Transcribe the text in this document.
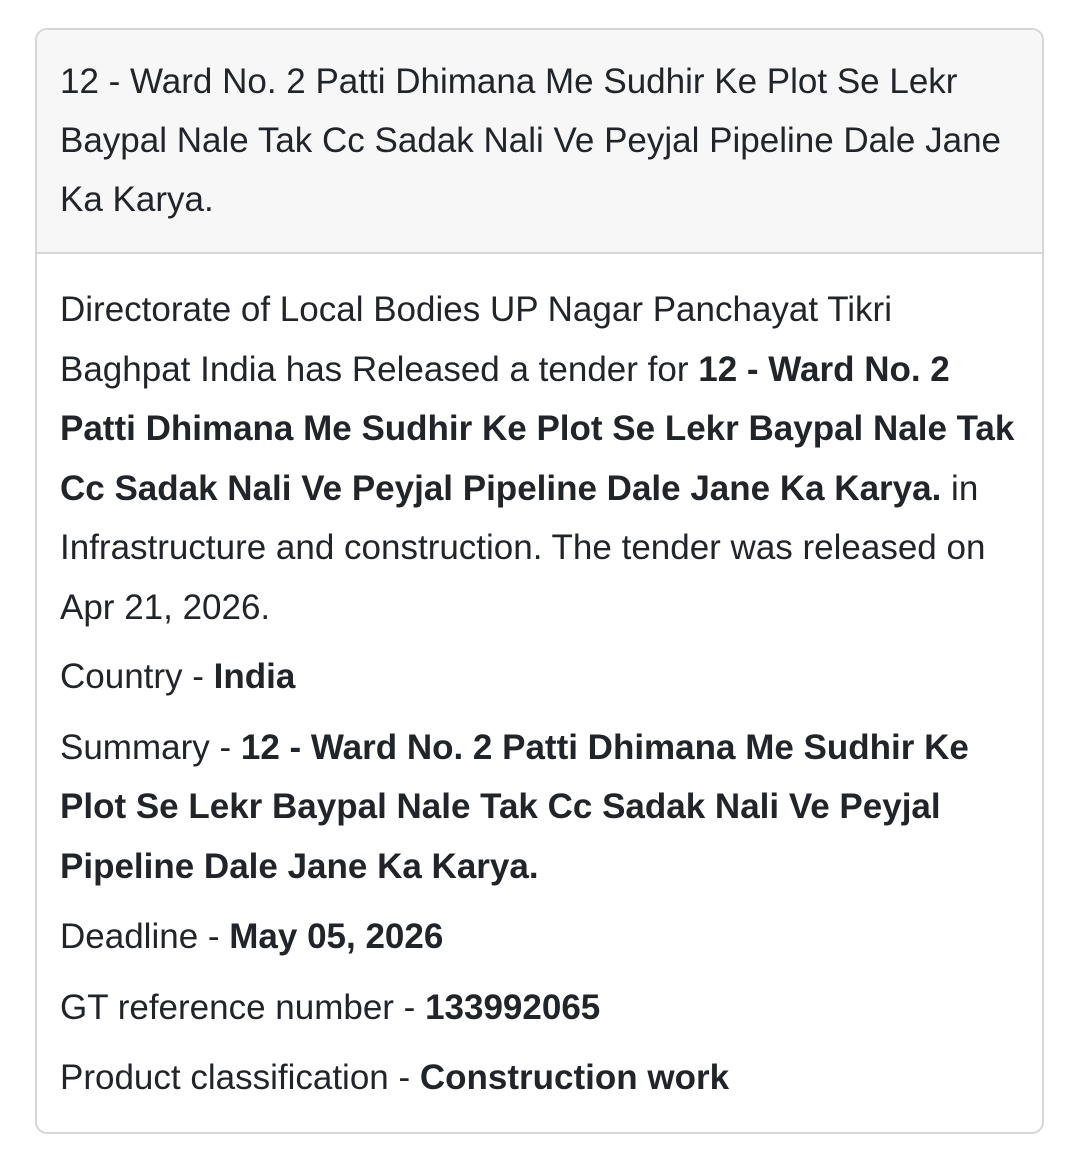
12 - Ward No. 2 Patti Dhimana Me Sudhir Ke Plot Se Lekr Baypal Nale Tak Cc Sadak Nali Ve Peyjal Pipeline Dale Jane Ka Karya.

Directorate of Local Bodies UP Nagar Panchayat Tikri Baghpat India has Released a tender for 12 - Ward No. 2 Patti Dhimana Me Sudhir Ke Plot Se Lekr Baypal Nale Tak Cc Sadak Nali Ve Peyjal Pipeline Dale Jane Ka Karya. in Infrastructure and construction. The tender was released on Apr 21, 2026.

Country - India

Summary - 12 - Ward No. 2 Patti Dhimana Me Sudhir Ke Plot Se Lekr Baypal Nale Tak Cc Sadak Nali Ve Peyjal Pipeline Dale Jane Ka Karya.

Deadline - May 05, 2026

GT reference number - 133992065

Product classification - Construction work
